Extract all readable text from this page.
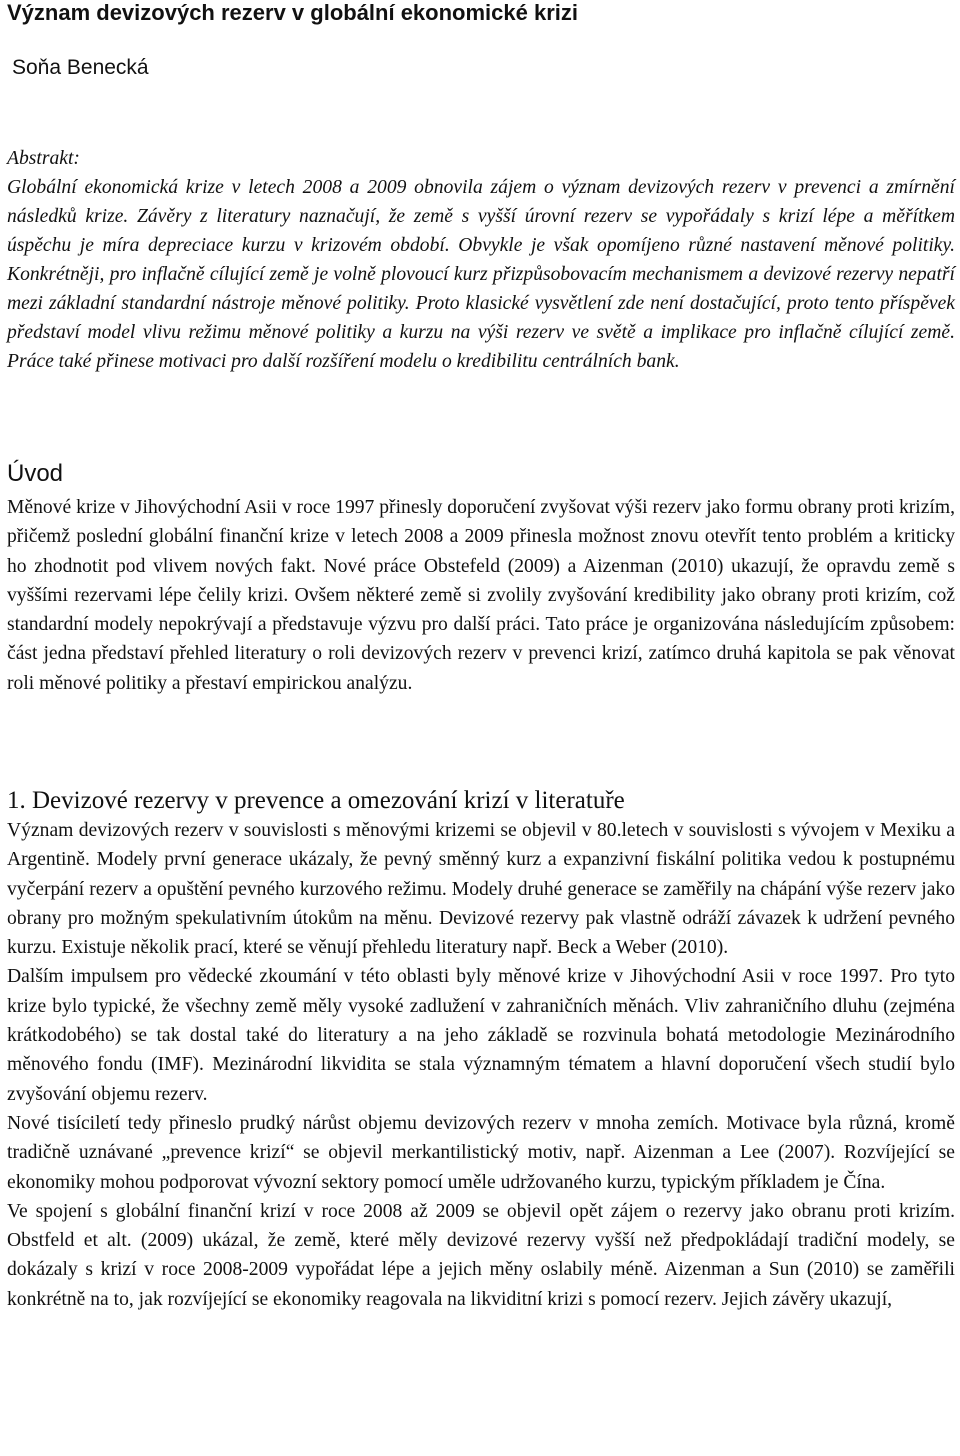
Význam devizových rezerv v globální ekonomické krizi

Soňa Benecká

Abstrakt:

Globální ekonomická krize v letech 2008 a 2009 obnovila zájem o význam devizových rezerv v prevenci a zmírnění následků krize. Závěry z literatury naznačují, že země s vyšší úrovní rezerv se vypořádaly s krizí lépe a měřítkem úspěchu je míra depreciace kurzu v krizovém období. Obvykle je však opomíjeno různé nastavení měnové politiky. Konkrétněji, pro inflačně cílující země je volně plovoucí kurz přizpůsobovacím mechanismem a devizové rezervy nepatří mezi základní standardní nástroje měnové politiky. Proto klasické vysvětlení zde není dostačující, proto tento příspěvek představí model vlivu režimu měnové politiky a kurzu na výši rezerv ve světě a implikace pro inflačně cílující země. Práce také přinese motivaci pro další rozšíření modelu o kredibilitu centrálních bank.

Úvod

Měnové krize v Jihovýchodní Asii v roce 1997 přinesly doporučení zvyšovat výši rezerv jako formu obrany proti krizím, přičemž poslední globální finanční krize v letech 2008 a 2009 přinesla možnost znovu otevřít tento problém a kriticky ho zhodnotit pod vlivem nových fakt. Nové práce Obstefeld (2009) a Aizenman (2010) ukazují, že opravdu země s vyššími rezervami lépe čelily krizi. Ovšem některé země si zvolily zvyšování kredibility jako obrany proti krizím, což standardní modely nepokrývají a představuje výzvu pro další práci. Tato práce je organizována následujícím způsobem: část jedna představí přehled literatury o roli devizových rezerv v prevenci krizí, zatímco druhá kapitola se pak věnovat roli měnové politiky a přestaví empirickou analýzu.

1. Devizové rezervy v prevence a omezování krizí v literatuře

Význam devizových rezerv v souvislosti s měnovými krizemi se objevil v 80.letech v souvislosti s vývojem v Mexiku a Argentině. Modely první generace ukázaly, že pevný směnný kurz a expanzivní fiskální politika vedou k postupnému vyčerpání rezerv a opuštění pevného kurzového režimu. Modely druhé generace se zaměřily na chápání výše rezerv jako obrany pro možným spekulativním útokům na měnu. Devizové rezervy pak vlastně odráží závazek k udržení pevného kurzu. Existuje několik prací, které se věnují přehledu literatury např. Beck a Weber (2010).

Dalším impulsem pro vědecké zkoumání v této oblasti byly měnové krize v Jihovýchodní Asii v roce 1997. Pro tyto krize bylo typické, že všechny země měly vysoké zadlužení v zahraničních měnách. Vliv zahraničního dluhu (zejména krátkodobého) se tak dostal také do literatury a na jeho základě se rozvinula bohatá metodologie Mezinárodního měnového fondu (IMF). Mezinárodní likvidita se stala významným tématem a hlavní doporučení všech studií bylo zvyšování objemu rezerv.

Nové tisíciletí tedy přineslo prudký nárůst objemu devizových rezerv v mnoha zemích. Motivace byla různá, kromě tradičně uznávané „prevence krizí“ se objevil merkantilistický motiv, např. Aizenman a Lee (2007). Rozvíjející se ekonomiky mohou podporovat vývozní sektory pomocí uměle udržovaného kurzu, typickým příkladem je Čína.

Ve spojení s globální finanční krizí v roce 2008 až 2009 se objevil opět zájem o rezervy jako obranu proti krizím. Obstfeld et alt. (2009) ukázal, že země, které měly devizové rezervy vyšší než předpokládají tradiční modely, se dokázaly s krizí v roce 2008-2009 vypořádat lépe a jejich měny oslabily méně. Aizenman a Sun (2010) se zaměřili konkrétně na to, jak rozvíjející se ekonomiky reagovala na likviditní krizi s pomocí rezerv. Jejich závěry ukazují,
